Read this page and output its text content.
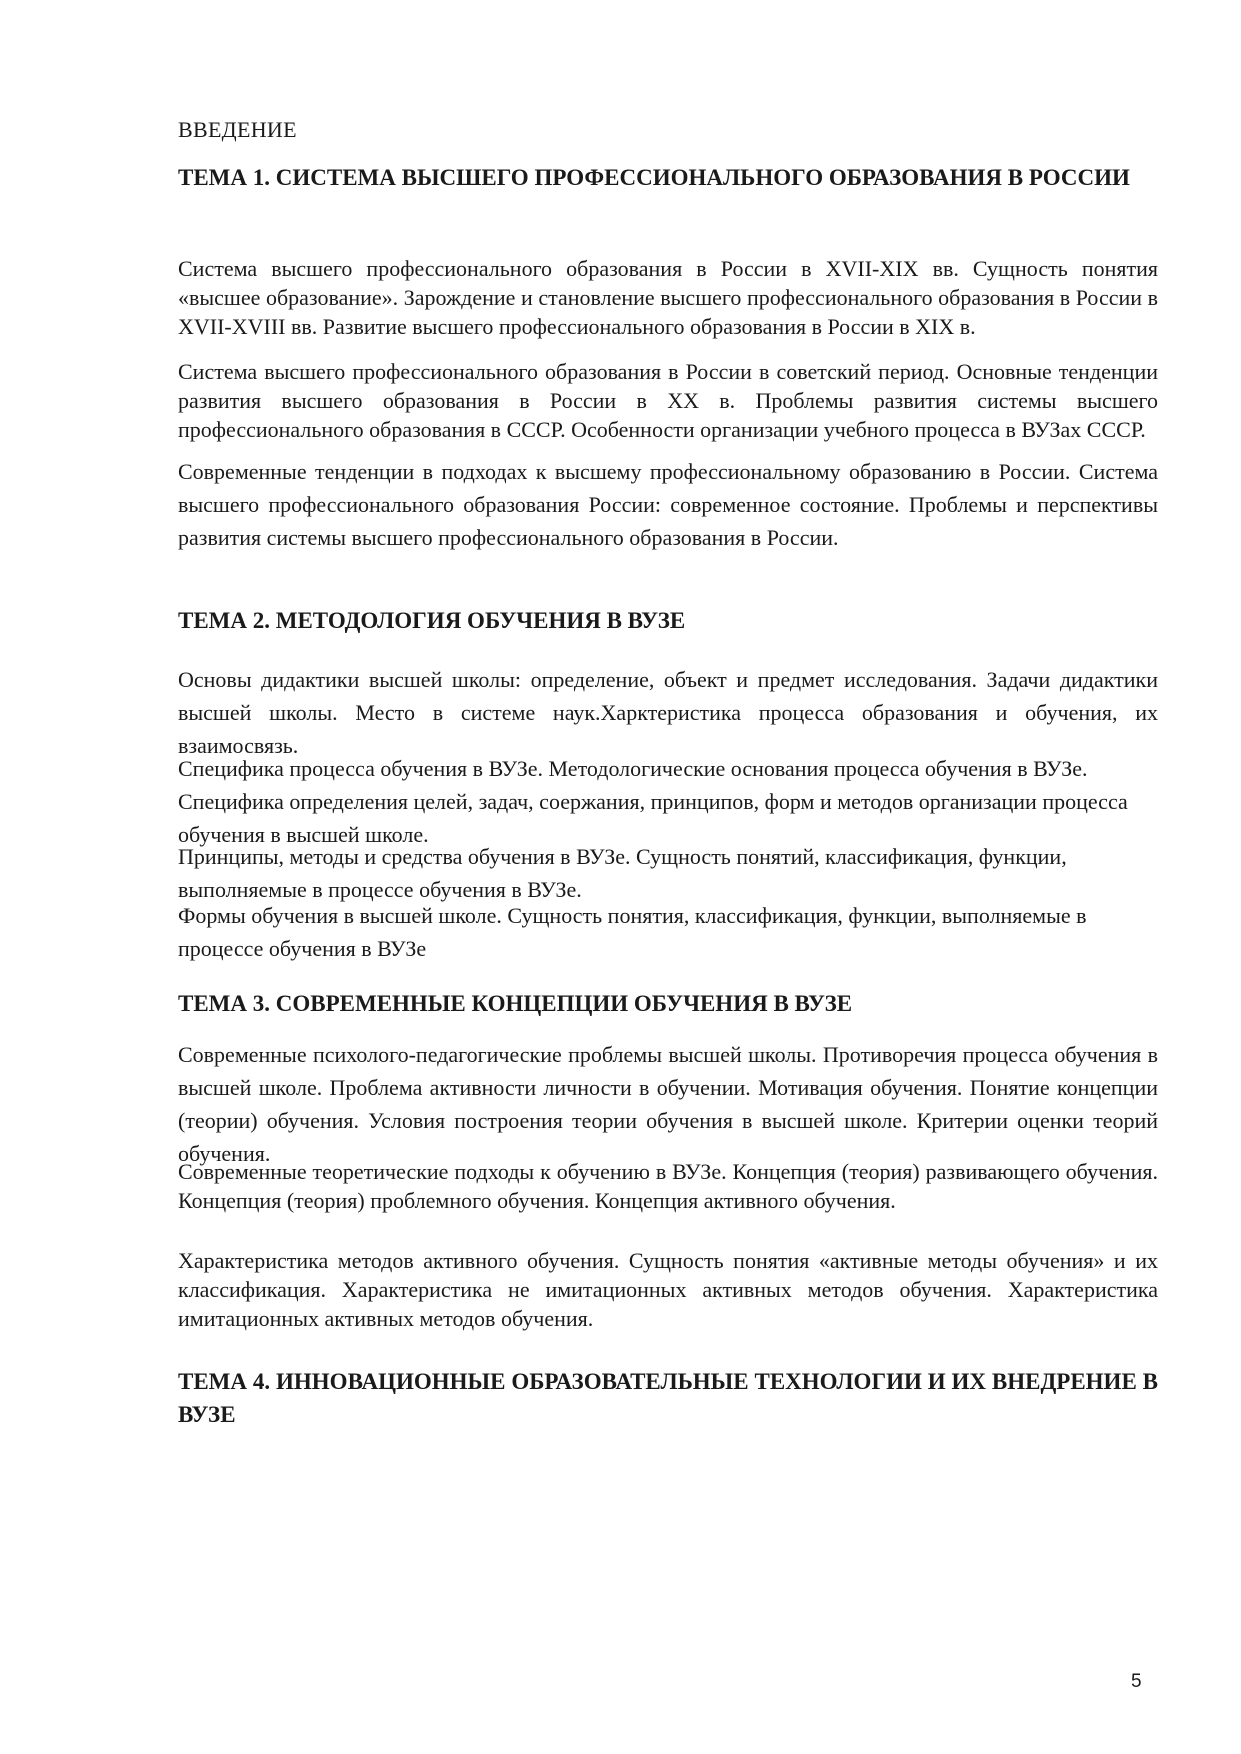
ВВЕДЕНИЕ
ТЕМА 1. СИСТЕМА ВЫСШЕГО ПРОФЕССИОНАЛЬНОГО ОБРАЗОВАНИЯ В РОССИИ
Система высшего профессионального образования в России в XVII-XIX вв. Сущность понятия «высшее образование». Зарождение и становление высшего профессионального образования в России в XVII-XVIII вв. Развитие высшего профессионального образования в России в XIX в.
Система высшего профессионального образования в России в советский период. Основные тенденции развития высшего образования в России в XX в. Проблемы развития системы высшего профессионального образования в СССР. Особенности организации учебного процесса в ВУЗах СССР.
Современные тенденции в подходах к высшему профессиональному образованию в России. Система высшего профессионального образования России: современное состояние. Проблемы и перспективы развития системы высшего профессионального образования в России.
ТЕМА 2. МЕТОДОЛОГИЯ ОБУЧЕНИЯ В ВУЗЕ
Основы дидактики высшей школы: определение, объект и предмет исследования. Задачи дидактики высшей школы. Место в системе наук.Харктеристика процесса образования и обучения, их взаимосвязь.
Специфика процесса обучения в ВУЗе. Методологические основания процесса обучения в ВУЗе. Специфика определения целей, задач, соержания, принципов, форм и методов организации процесса обучения в высшей школе.
Принципы, методы и средства обучения в ВУЗе. Сущность понятий, классификация, функции, выполняемые в процессе обучения в ВУЗе.
Формы обучения в высшей школе. Сущность понятия, классификация, функции, выполняемые в процессе обучения в ВУЗе
ТЕМА 3. СОВРЕМЕННЫЕ КОНЦЕПЦИИ ОБУЧЕНИЯ В ВУЗЕ
Современные психолого-педагогические проблемы высшей школы. Противоречия процесса обучения в высшей школе. Проблема активности личности в обучении. Мотивация обучения. Понятие концепции (теории) обучения. Условия построения теории обучения в высшей школе. Критерии оценки теорий обучения.
Современные теоретические подходы к обучению в ВУЗе. Концепция (теория) развивающего обучения. Концепция (теория) проблемного обучения. Концепция активного обучения.
Характеристика методов активного обучения. Сущность понятия «активные методы обучения» и их классификация. Характеристика не имитационных активных методов обучения. Характеристика имитационных активных методов обучения.
ТЕМА 4. ИННОВАЦИОННЫЕ ОБРАЗОВАТЕЛЬНЫЕ ТЕХНОЛОГИИ И ИХ ВНЕДРЕНИЕ В ВУЗЕ
5
